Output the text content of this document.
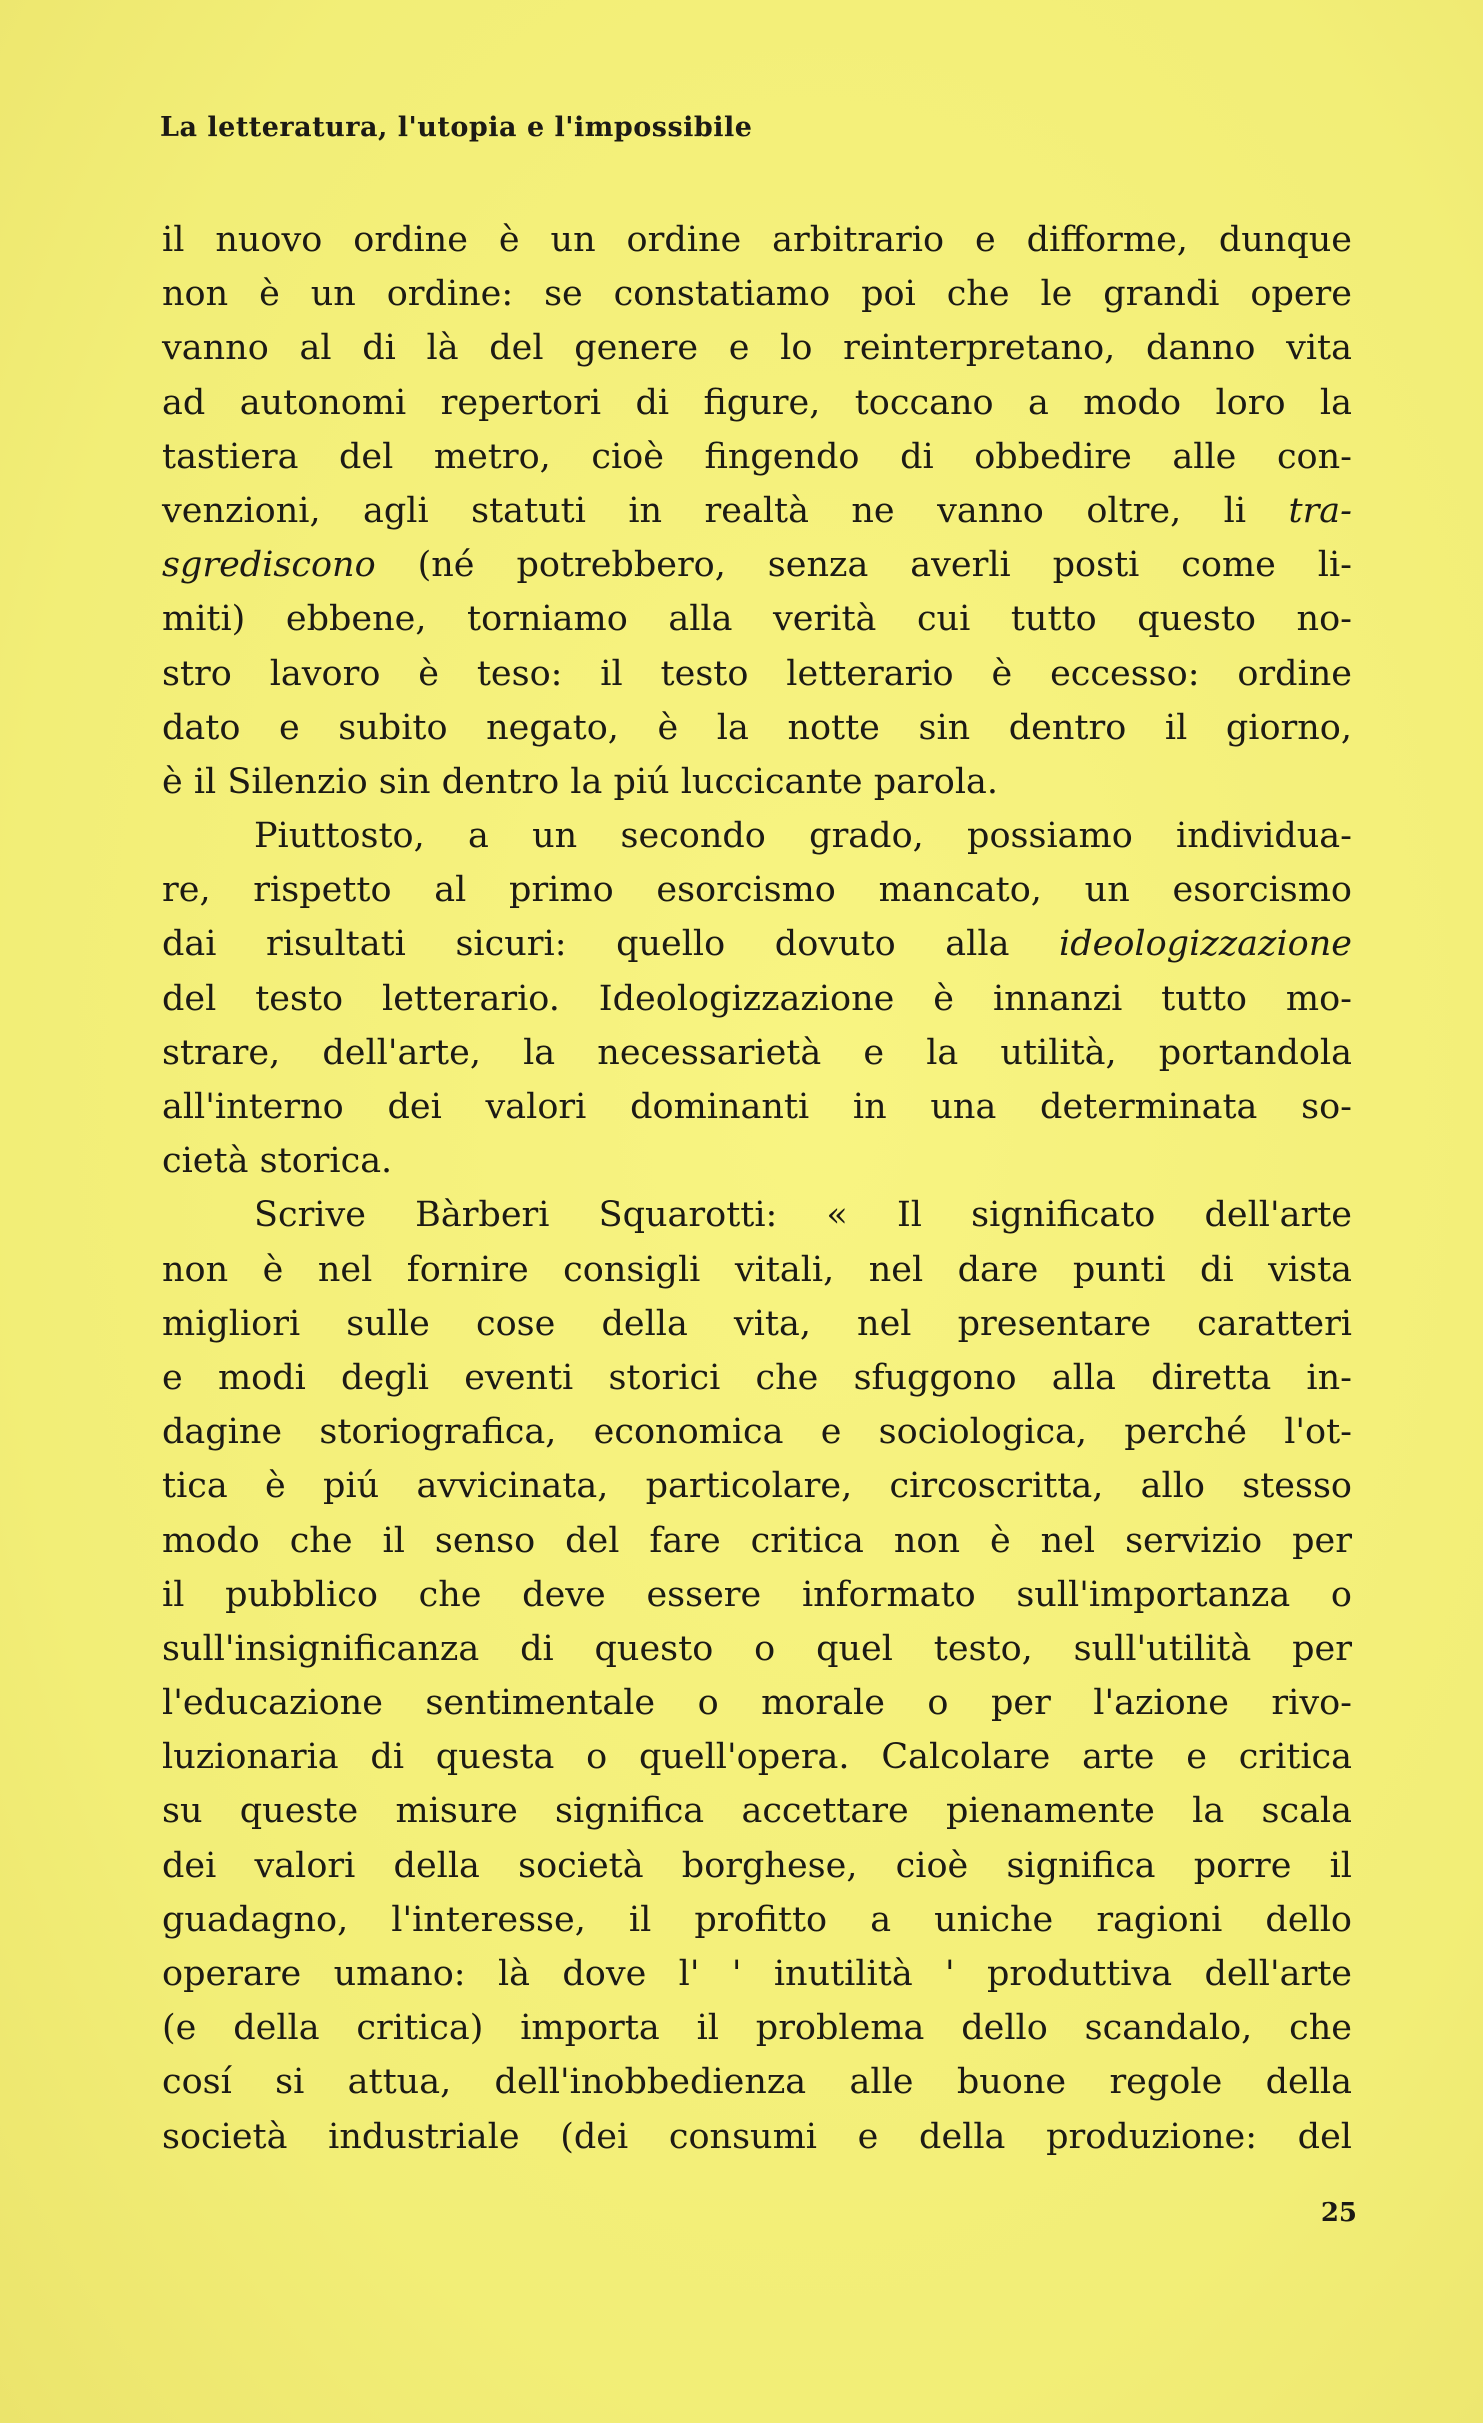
La letteratura, l'utopia e l'impossibile
il nuovo ordine è un ordine arbitrario e difforme, dunque
non è un ordine: se constatiamo poi che le grandi opere
vanno al di là del genere e lo reinterpretano, danno vita
ad autonomi repertori di figure, toccano a modo loro la
tastiera del metro, cioè fingendo di obbedire alle con-
venzioni, agli statuti in realtà ne vanno oltre, li tra-
sgrediscono (né potrebbero, senza averli posti come li-
miti) ebbene, torniamo alla verità cui tutto questo no-
stro lavoro è teso: il testo letterario è eccesso: ordine
dato e subito negato, è la notte sin dentro il giorno,
è il Silenzio sin dentro la piú luccicante parola.
Piuttosto, a un secondo grado, possiamo individua-
re, rispetto al primo esorcismo mancato, un esorcismo
dai risultati sicuri: quello dovuto alla ideologizzazione
del testo letterario. Ideologizzazione è innanzi tutto mo-
strare, dell'arte, la necessarietà e la utilità, portandola
all'interno dei valori dominanti in una determinata so-
cietà storica.
Scrive Bàrberi Squarotti: « Il significato dell'arte
non è nel fornire consigli vitali, nel dare punti di vista
migliori sulle cose della vita, nel presentare caratteri
e modi degli eventi storici che sfuggono alla diretta in-
dagine storiografica, economica e sociologica, perché l'ot-
tica è piú avvicinata, particolare, circoscritta, allo stesso
modo che il senso del fare critica non è nel servizio per
il pubblico che deve essere informato sull'importanza o
sull'insignificanza di questo o quel testo, sull'utilità per
l'educazione sentimentale o morale o per l'azione rivo-
luzionaria di questa o quell'opera. Calcolare arte e critica
su queste misure significa accettare pienamente la scala
dei valori della società borghese, cioè significa porre il
guadagno, l'interesse, il profitto a uniche ragioni dello
operare umano: là dove l' ' inutilità ' produttiva dell'arte
(e della critica) importa il problema dello scandalo, che
cosí si attua, dell'inobbedienza alle buone regole della
società industriale (dei consumi e della produzione: del
25
